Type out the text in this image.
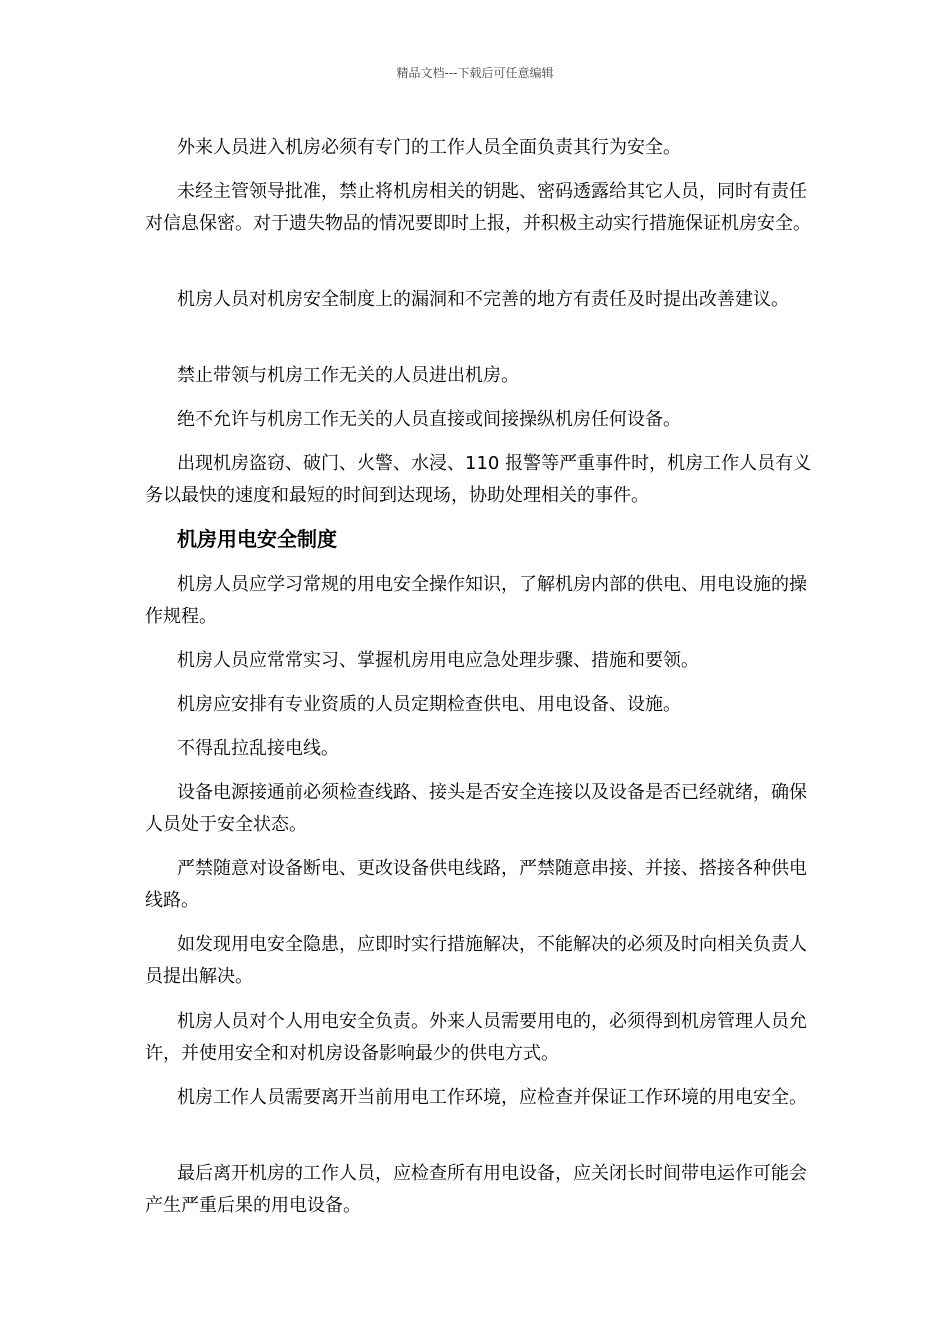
精品文档---下载后可任意编辑
外来人员进入机房必须有专门的工作人员全面负责其行为安全。
未经主管领导批准，禁止将机房相关的钥匙、密码透露给其它人员，同时有责任对信息保密。对于遗失物品的情况要即时上报，并积极主动实行措施保证机房安全。
机房人员对机房安全制度上的漏洞和不完善的地方有责任及时提出改善建议。
禁止带领与机房工作无关的人员进出机房。
绝不允许与机房工作无关的人员直接或间接操纵机房任何设备。
出现机房盗窃、破门、火警、水浸、110 报警等严重事件时，机房工作人员有义务以最快的速度和最短的时间到达现场，协助处理相关的事件。
机房用电安全制度
机房人员应学习常规的用电安全操作知识，了解机房内部的供电、用电设施的操作规程。
机房人员应常常实习、掌握机房用电应急处理步骤、措施和要领。
机房应安排有专业资质的人员定期检查供电、用电设备、设施。
不得乱拉乱接电线。
设备电源接通前必须检查线路、接头是否安全连接以及设备是否已经就绪，确保人员处于安全状态。
严禁随意对设备断电、更改设备供电线路，严禁随意串接、并接、搭接各种供电线路。
如发现用电安全隐患，应即时实行措施解决，不能解决的必须及时向相关负责人员提出解决。
机房人员对个人用电安全负责。外来人员需要用电的，必须得到机房管理人员允许，并使用安全和对机房设备影响最少的供电方式。
机房工作人员需要离开当前用电工作环境，应检查并保证工作环境的用电安全。
最后离开机房的工作人员，应检查所有用电设备，应关闭长时间带电运作可能会产生严重后果的用电设备。
